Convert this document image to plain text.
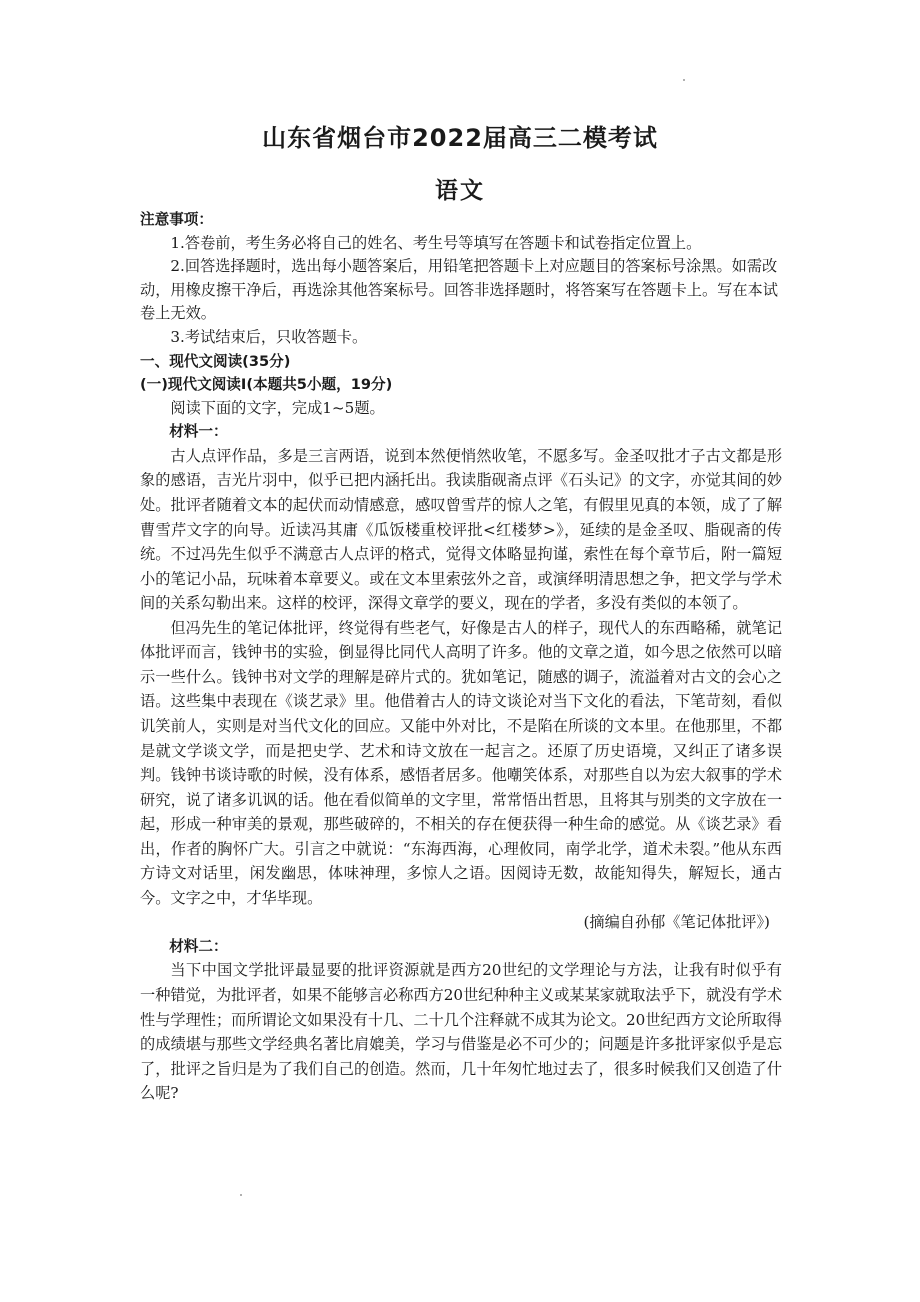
山东省烟台市2022届高三二模考试
语文

注意事项：

1.答卷前，考生务必将自己的姓名、考生号等填写在答题卡和试卷指定位置上。

2.回答选择题时，选出每小题答案后，用铅笔把答题卡上对应题目的答案标号涂黑。如需改动，用橡皮擦干净后，再选涂其他答案标号。回答非选择题时，将答案写在答题卡上。写在本试卷上无效。

3.考试结束后，只收答题卡。

一、现代文阅读(35分)

(一)现代文阅读Ⅰ(本题共5小题，19分)

阅读下面的文字，完成1~5题。

材料一：

古人点评作品，多是三言两语，说到本然便悄然收笔，不愿多写。金圣叹批才子古文都是形象的感语，吉光片羽中，似乎已把内涵托出。我读脂砚斋点评《石头记》的文字，亦觉其间的妙处。批评者随着文本的起伏而动情感意，感叹曾雪芹的惊人之笔，有假里见真的本领，成了了解曹雪芹文字的向导。近读冯其庸《瓜饭楼重校评批<红楼梦>》，延续的是金圣叹、脂砚斋的传统。不过冯先生似乎不满意古人点评的格式，觉得文体略显拘谨，索性在每个章节后，附一篇短小的笔记小品，玩味着本章要义。或在文本里索弦外之音，或演绎明清思想之争，把文学与学术间的关系勾勒出来。这样的校评，深得文章学的要义，现在的学者，多没有类似的本领了。

但冯先生的笔记体批评，终觉得有些老气，好像是古人的样子，现代人的东西略稀，就笔记体批评而言，钱钟书的实验，倒显得比同代人高明了许多。他的文章之道，如今思之依然可以暗示一些什么。钱钟书对文学的理解是碎片式的。犹如笔记，随感的调子，流溢着对古文的会心之语。这些集中表现在《谈艺录》里。他借着古人的诗文谈论对当下文化的看法，下笔苛刻，看似讥笑前人，实则是对当代文化的回应。又能中外对比，不是陷在所谈的文本里。在他那里，不都是就文学谈文学，而是把史学、艺术和诗文放在一起言之。还原了历史语境，又纠正了诸多误判。钱钟书谈诗歌的时候，没有体系，感悟者居多。他嘲笑体系，对那些自以为宏大叙事的学术研究，说了诸多讥讽的话。他在看似简单的文字里，常常悟出哲思，且将其与别类的文字放在一起，形成一种审美的景观，那些破碎的，不相关的存在便获得一种生命的感觉。从《谈艺录》看出，作者的胸怀广大。引言之中就说：“东海西海，心理攸同，南学北学，道术未裂。”他从东西方诗文对话里，闲发幽思，体味神理，多惊人之语。因阅诗无数，故能知得失，解短长，通古今。文字之中，才华毕现。

(摘编自孙郁《笔记体批评》)

材料二：

当下中国文学批评最显要的批评资源就是西方20世纪的文学理论与方法，让我有时似乎有一种错觉，为批评者，如果不能够言必称西方20世纪种种主义或某某家就取法乎下，就没有学术性与学理性；而所谓论文如果没有十几、二十几个注释就不成其为论文。20世纪西方文论所取得的成绩堪与那些文学经典名著比肩媲美，学习与借鉴是必不可少的；问题是许多批评家似乎是忘了，批评之旨归是为了我们自己的创造。然而，几十年匆忙地过去了，很多时候我们又创造了什么呢?
